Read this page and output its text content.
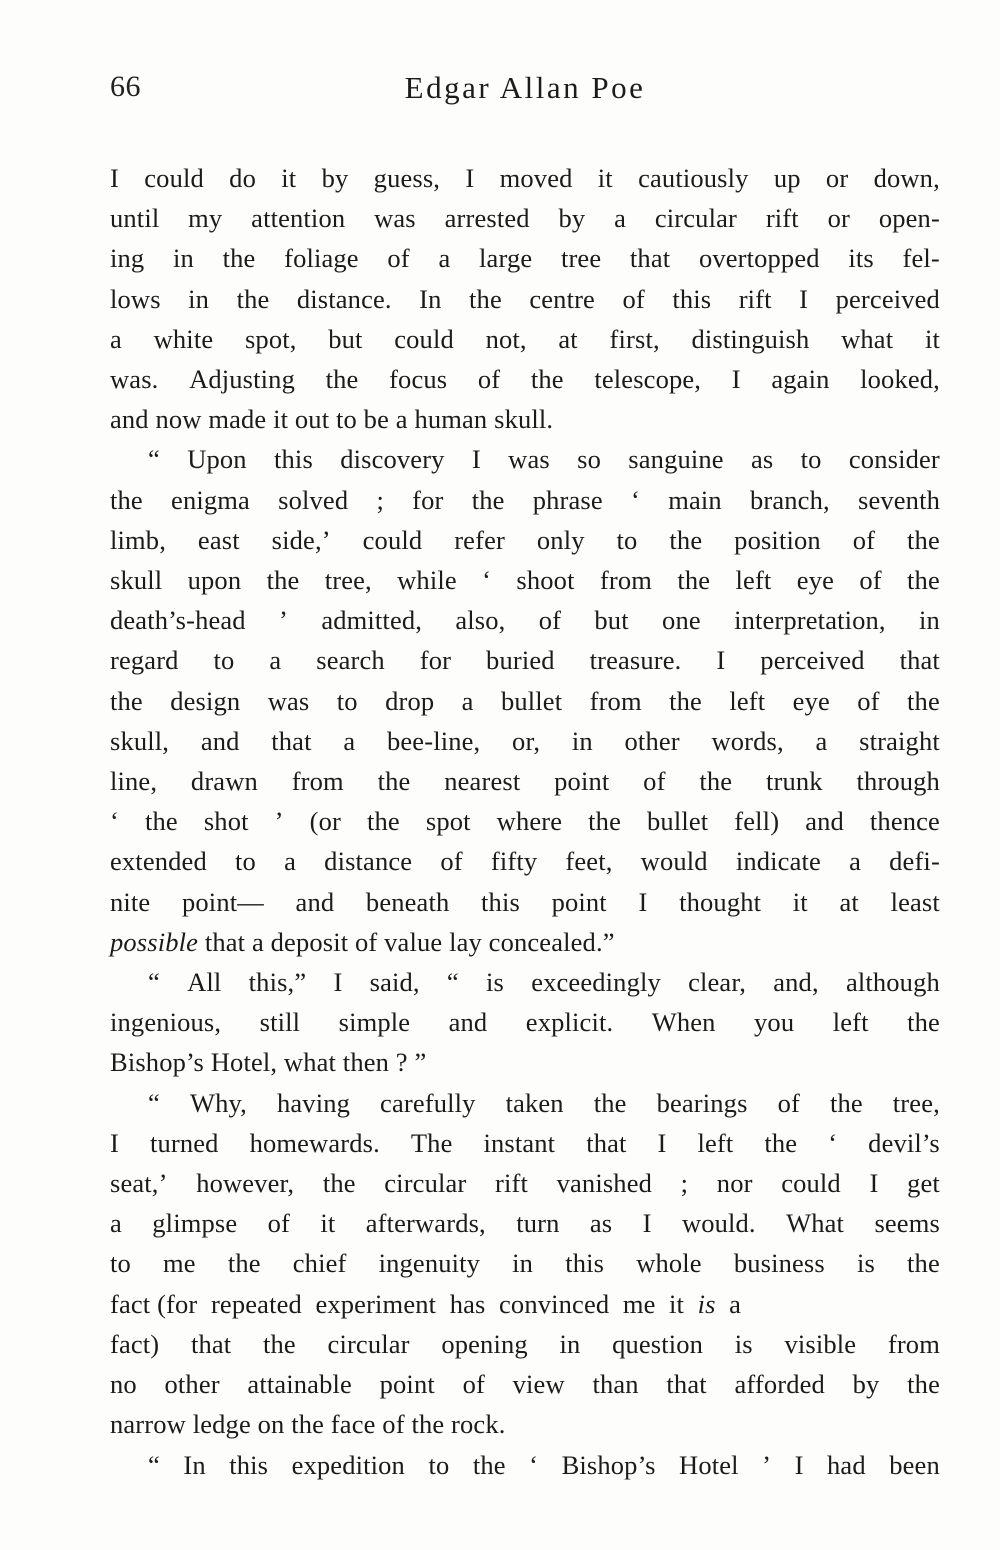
66	Edgar Allan Poe

I could do it by guess, I moved it cautiously up or down,
until my attention was arrested by a circular rift or open-
ing in the foliage of a large tree that overtopped its fel-
lows in the distance. In the centre of this rift I perceived
a white spot, but could not, at first, distinguish what it
was. Adjusting the focus of the telescope, I again looked,
and now made it out to be a human skull.

“ Upon this discovery I was so sanguine as to consider
the enigma solved ; for the phrase ‘ main branch, seventh
limb, east side,’ could refer only to the position of the
skull upon the tree, while ‘ shoot from the left eye of the
death’s-head ’ admitted, also, of but one interpretation, in
regard to a search for buried treasure. I perceived that
the design was to drop a bullet from the left eye of the
skull, and that a bee-line, or, in other words, a straight
line, drawn from the nearest point of the trunk through
‘ the shot ’ (or the spot where the bullet fell) and thence
extended to a distance of fifty feet, would indicate a defi-
nite point— and beneath this point I thought it at least
possible that a deposit of value lay concealed.”

“ All this,” I said, “ is exceedingly clear, and, although
ingenious, still simple and explicit. When you left the
Bishop’s Hotel, what then ? ”

“ Why, having carefully taken the bearings of the tree,
I turned homewards. The instant that I left the ‘ devil’s
seat,’ however, the circular rift vanished ; nor could I get
a glimpse of it afterwards, turn as I would. What seems
to me the chief ingenuity in this whole business is the
fact (for  repeated  experiment  has  convinced  me  it  is  a
fact) that the circular opening in question is visible from
no other attainable point of view than that afforded by the
narrow ledge on the face of the rock.

“ In this expedition to the ‘ Bishop’s Hotel ’ I had been
